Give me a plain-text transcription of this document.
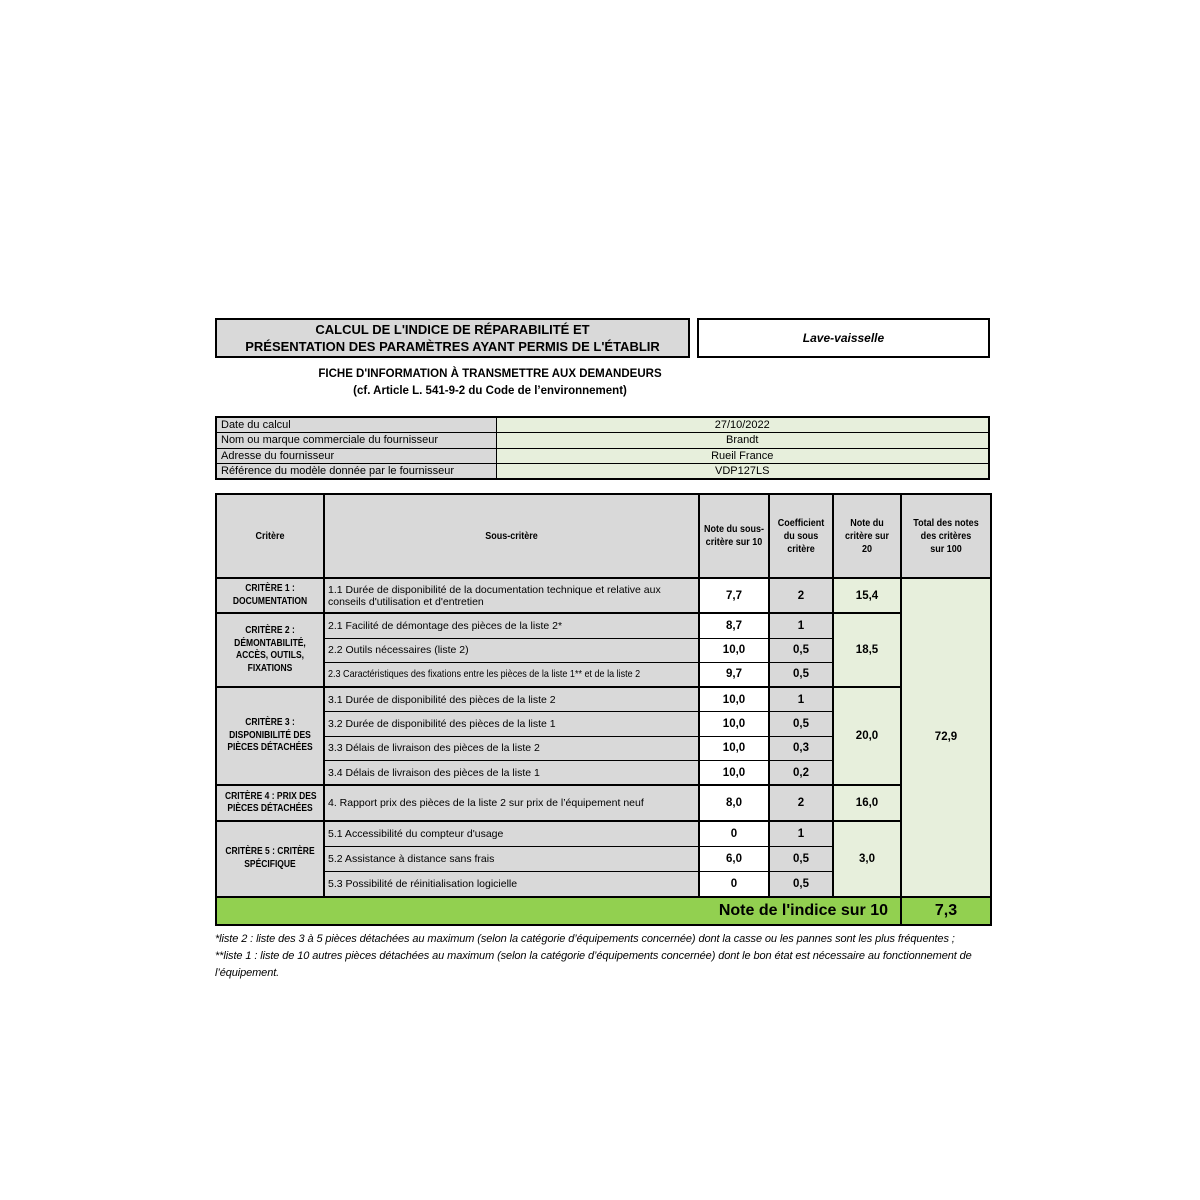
CALCUL DE L'INDICE DE RÉPARABILITÉ ET
PRÉSENTATION DES PARAMÈTRES AYANT PERMIS DE L'ÉTABLIR
Lave-vaisselle
FICHE D'INFORMATION À TRANSMETTRE AUX DEMANDEURS
(cf. Article L. 541-9-2 du Code de l’environnement)
Date du calcul	27/10/2022
Nom ou marque commerciale du fournisseur	Brandt
Adresse du fournisseur	Rueil France
Référence du modèle donnée par le fournisseur	VDP127LS
Critère	Sous-critère	Note du sous-
critère sur 10	Coefficient
du sous
critère	Note du
critère sur
20	Total des notes
des critères
sur 100

CRITÈRE 1 :
DOCUMENTATION	1.1 Durée de disponibilité de la documentation technique et relative aux conseils d'utilisation et d'entretien	7,7	2	15,4	72,9

CRITÈRE 2 :
DÉMONTABILITÉ,
ACCÈS, OUTILS,
FIXATIONS	2.1 Facilité de démontage des pièces de la liste 2*	8,7	1	18,5	
	2.2 Outils nécessaires (liste 2)	10,0	0,5		
	2.3 Caractéristiques des fixations entre les pièces de la liste 1** et de la liste 2	9,7	0,5		

CRITÈRE 3 :
DISPONIBILITÉ DES
PIÈCES DÉTACHÉES	3.1 Durée de disponibilité des pièces de la liste 2	10,0	1	20,0	
	3.2 Durée de disponibilité des pièces de la liste 1	10,0	0,5		
	3.3 Délais de livraison des pièces de la liste 2	10,0	0,3		
	3.4 Délais de livraison des pièces de la liste 1	10,0	0,2		

CRITÈRE 4 : PRIX DES
PIÈCES DÉTACHÉES	4. Rapport prix des pièces de la liste 2 sur prix de l’équipement neuf	8,0	2	16,0	

CRITÈRE 5 : CRITÈRE
SPÉCIFIQUE	5.1 Accessibilité du compteur d'usage	0	1	3,0	
	5.2 Assistance à distance sans frais	6,0	0,5		
	5.3 Possibilité de réinitialisation logicielle	0	0,5		
Note de l'indice sur 10					7,3
*liste 2 : liste des 3 à 5 pièces détachées au maximum (selon la catégorie d’équipements concernée) dont la casse ou les pannes sont les plus fréquentes ;
**liste 1 : liste de 10 autres pièces détachées au maximum (selon la catégorie d’équipements concernée) dont le bon état est nécessaire au fonctionnement de l’équipement.
